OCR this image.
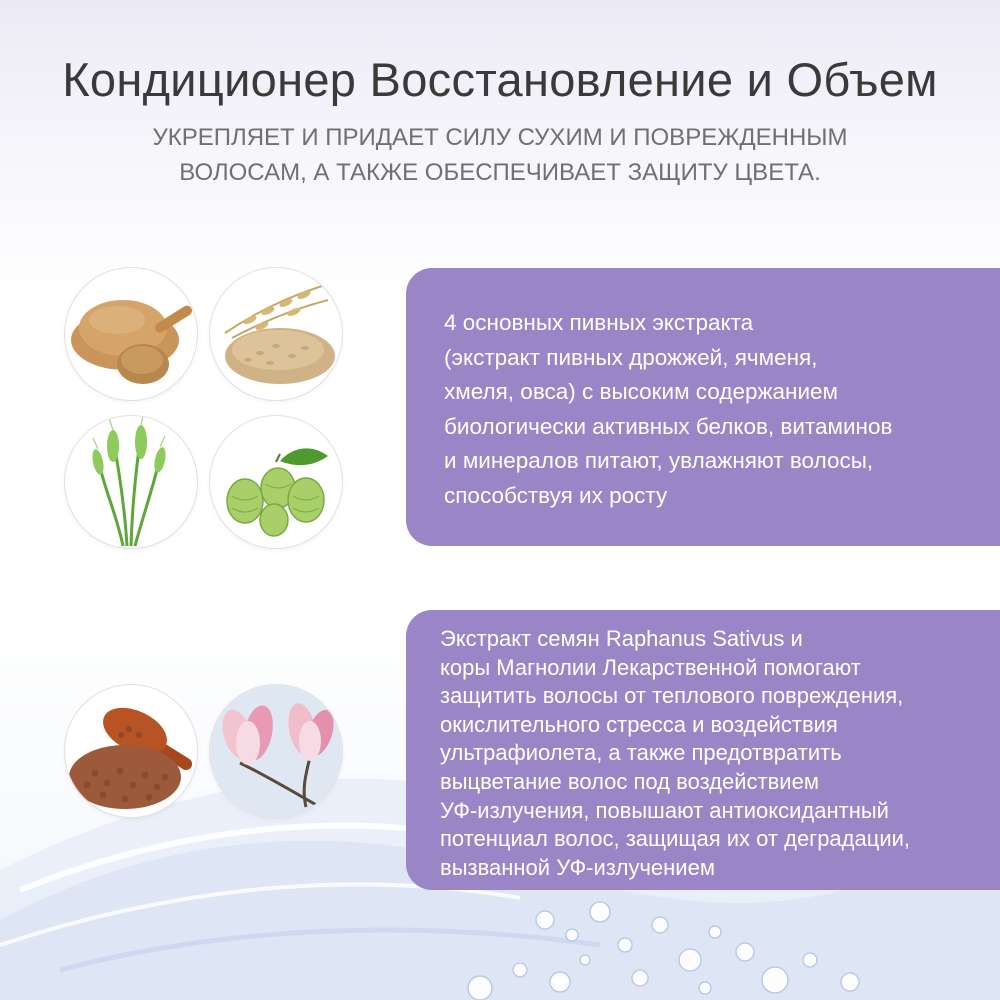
Кондиционер Восстановление и Объем
УКРЕПЛЯЕТ И ПРИДАЕТ СИЛУ СУХИМ И ПОВРЕЖДЕННЫМ
ВОЛОСАМ, А ТАКЖЕ ОБЕСПЕЧИВАЕТ ЗАЩИТУ ЦВЕТА.
4 основных пивных экстракта
(экстракт пивных дрожжей, ячменя,
хмеля, овса) с высоким содержанием
биологически активных белков, витаминов
и минералов питают, увлажняют волосы,
способствуя их росту
Экстракт семян Raphanus Sativus и
коры Магнолии Лекарственной помогают
защитить волосы от теплового повреждения,
окислительного стресса и воздействия
ультрафиолета, а также предотвратить
выцветание волос под воздействием
УФ-излучения, повышают антиоксидантный
потенциал волос, защищая их от деградации,
вызванной УФ-излучением
